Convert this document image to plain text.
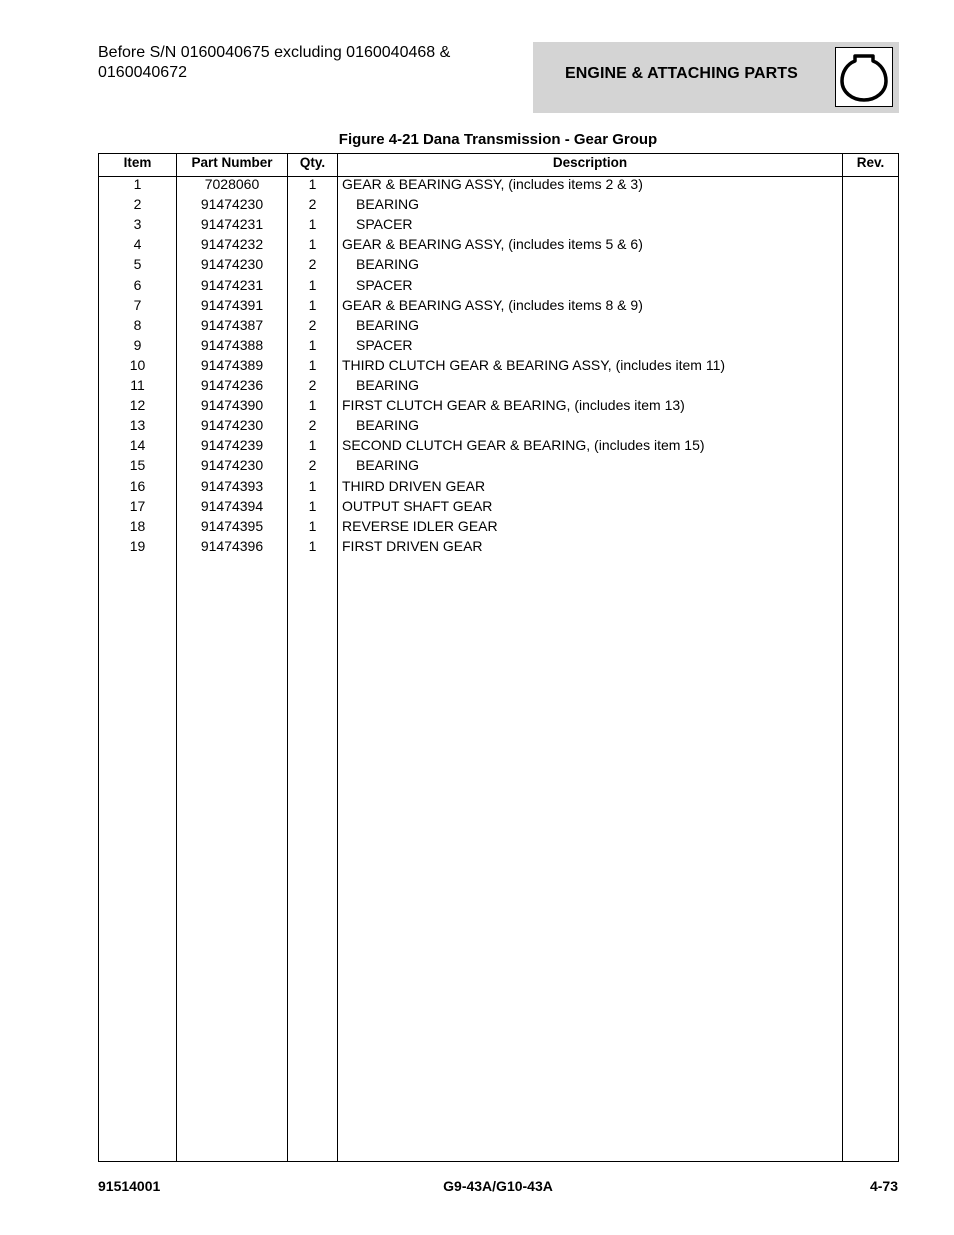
Before S/N 0160040675 excluding 0160040468 & 0160040672	ENGINE & ATTACHING PARTS
Figure 4-21 Dana Transmission - Gear Group
Item	Part Number	Qty.	Description	Rev.
1	7028060	1	GEAR & BEARING ASSY, (includes items 2 & 3)
2	91474230	2	BEARING
3	91474231	1	SPACER
4	91474232	1	GEAR & BEARING ASSY, (includes items 5 & 6)
5	91474230	2	BEARING
6	91474231	1	SPACER
7	91474391	1	GEAR & BEARING ASSY, (includes items 8 & 9)
8	91474387	2	BEARING
9	91474388	1	SPACER
10	91474389	1	THIRD CLUTCH GEAR & BEARING ASSY, (includes item 11)
11	91474236	2	BEARING
12	91474390	1	FIRST CLUTCH GEAR & BEARING, (includes item 13)
13	91474230	2	BEARING
14	91474239	1	SECOND CLUTCH GEAR & BEARING, (includes item 15)
15	91474230	2	BEARING
16	91474393	1	THIRD DRIVEN GEAR
17	91474394	1	OUTPUT SHAFT GEAR
18	91474395	1	REVERSE IDLER GEAR
19	91474396	1	FIRST DRIVEN GEAR
91514001	G9-43A/G10-43A	4-73
